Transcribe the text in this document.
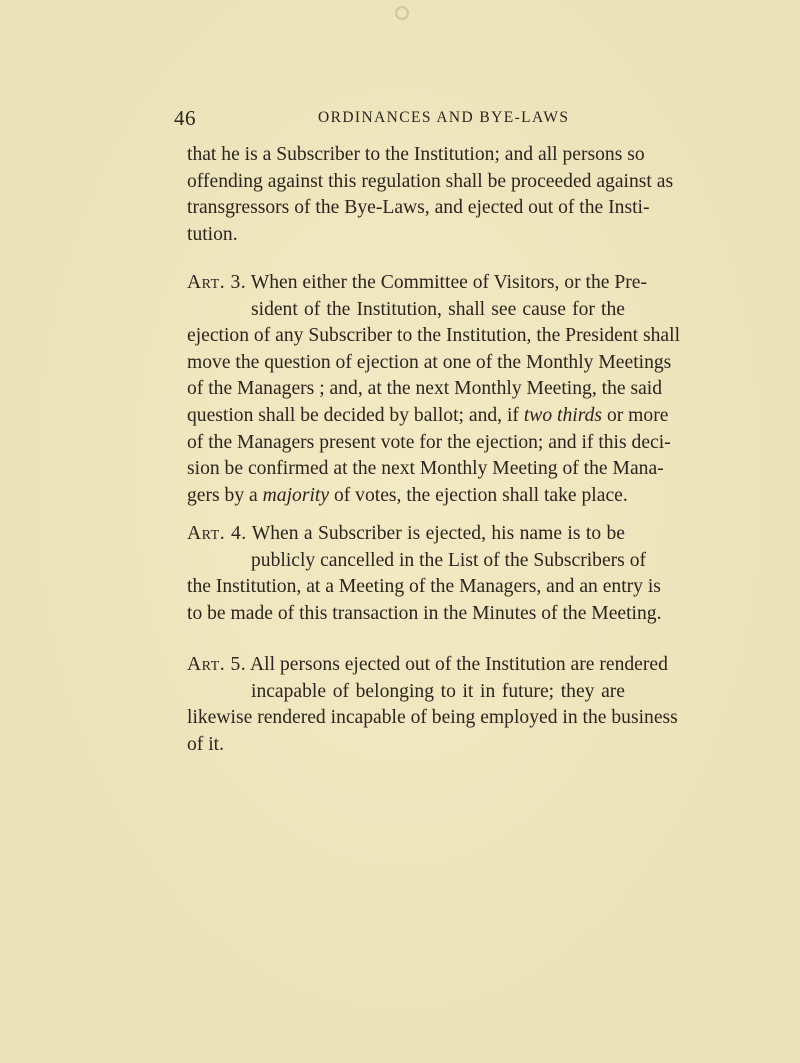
46	ORDINANCES AND BYE-LAWS

that he is a Subscriber to the Institution; and all persons so
offending against this regulation shall be proceeded against as
transgressors of the Bye-Laws, and ejected out of the Insti-
tution.

Art. 3. When either the Committee of Visitors, or the Pre-
sident of the Institution, shall see cause for the
ejection of any Subscriber to the Institution, the President shall
move the question of ejection at one of the Monthly Meetings
of the Managers ; and, at the next Monthly Meeting, the said
question shall be decided by ballot; and, if two thirds or more
of the Managers present vote for the ejection; and if this deci-
sion be confirmed at the next Monthly Meeting of the Mana-
gers by a majority of votes, the ejection shall take place.

Art. 4. When a Subscriber is ejected, his name is to be
publicly cancelled in the List of the Subscribers of
the Institution, at a Meeting of the Managers, and an entry is
to be made of this transaction in the Minutes of the Meeting.

Art. 5. All persons ejected out of the Institution are rendered
incapable of belonging to it in future; they are
likewise rendered incapable of being employed in the business
of it.
